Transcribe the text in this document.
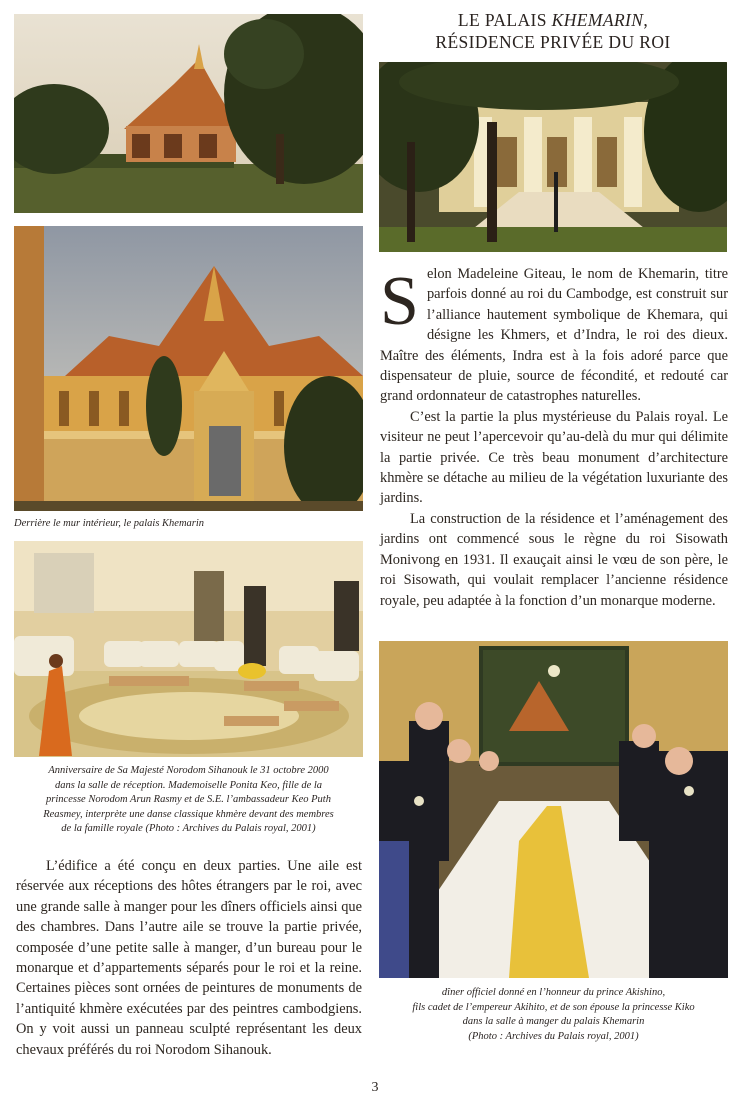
LE PALAIS KHEMARIN,

RÉSIDENCE PRIVÉE DU ROI

Derrière le mur intérieur, le palais Khemarin

Anniversaire de Sa Majesté Norodom Sihanouk le 31 octobre 2000

dans la salle de réception. Mademoiselle Ponita Keo, fille de la

princesse Norodom Arun Rasmy et de S.E. l’ambassadeur Keo Puth

Reasmey, interprète une danse classique khmère devant des membres

de la famille royale (Photo : Archives du Palais royal, 2001)

L’édifice a été conçu en deux parties. Une aile est réservée aux réceptions des hôtes étrangers par le roi, avec une grande salle à manger pour les dîners officiels ainsi que des chambres. Dans l’autre aile se trouve la partie privée, composée d’une petite salle à manger, d’un bureau pour le monarque et d’appartements séparés pour le roi et la reine. Certaines pièces sont ornées de peintures de monuments de l’antiquité khmère exécutées par des peintres cambodgiens. On y voit aussi un panneau sculpté représentant les deux chevaux préférés du roi Norodom Sihanouk.

Selon Madeleine Giteau, le nom de Khemarin, titre parfois donné au roi du Cambodge, est construit sur l’alliance hautement symbolique de Khemara, qui désigne les Khmers, et d’Indra, le roi des dieux. Maître des éléments, Indra est à la fois adoré parce que dispensateur de pluie, source de fécondité, et redouté car grand ordonnateur de catastrophes naturelles.

C’est la partie la plus mystérieuse du Palais royal. Le visiteur ne peut l’apercevoir qu’au-delà du mur qui délimite la partie privée. Ce très beau monument d’architecture khmère se détache au milieu de la végétation luxuriante des jardins.

La construction de la résidence et l’aménagement des jardins ont commencé sous le règne du roi Sisowath Monivong en 1931. Il exauçait ainsi le vœu de son père, le roi Sisowath, qui voulait remplacer l’ancienne résidence royale, peu adaptée à la fonction d’un monarque moderne.

dîner officiel donné en l’honneur du prince Akishino,

fils cadet de l’empereur Akihito, et de son épouse la princesse Kiko

dans la salle à manger du palais Khemarin

(Photo : Archives du Palais royal, 2001)

3
